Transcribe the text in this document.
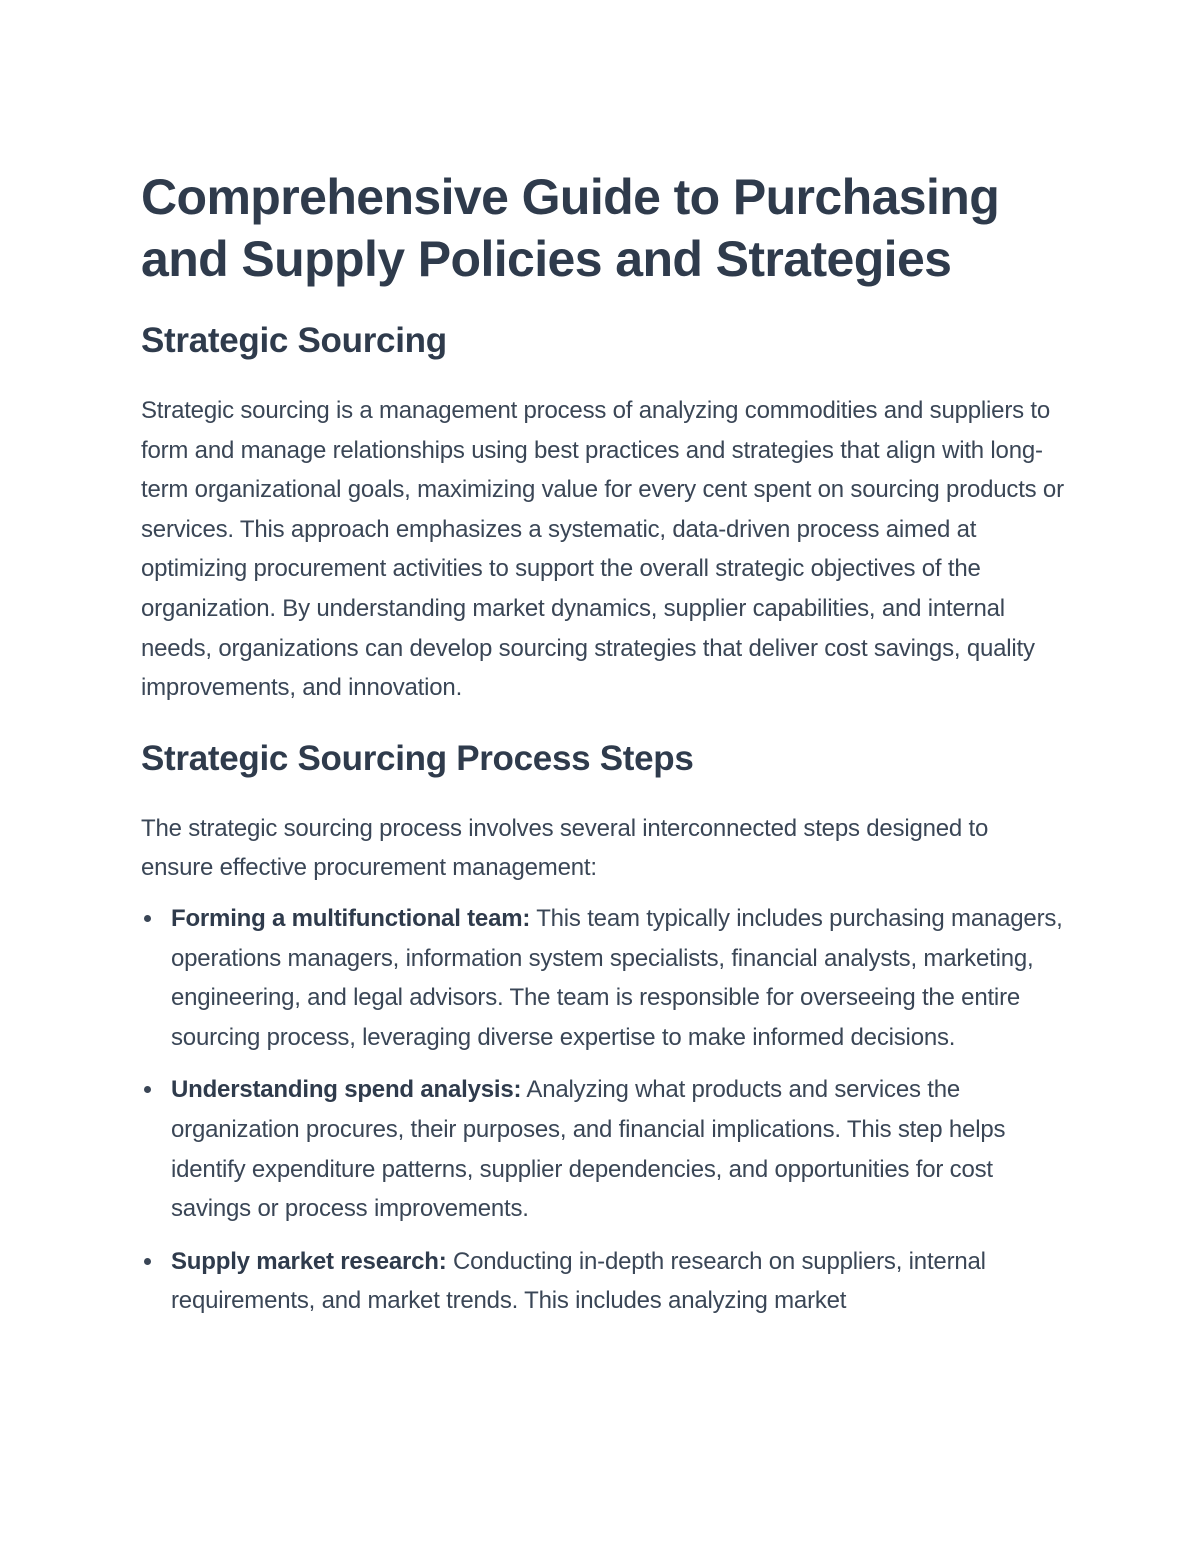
Comprehensive Guide to Purchasing and Supply Policies and Strategies
Strategic Sourcing

Strategic sourcing is a management process of analyzing commodities and suppliers to form and manage relationships using best practices and strategies that align with long-term organizational goals, maximizing value for every cent spent on sourcing products or services. This approach emphasizes a systematic, data-driven process aimed at optimizing procurement activities to support the overall strategic objectives of the organization. By understanding market dynamics, supplier capabilities, and internal needs, organizations can develop sourcing strategies that deliver cost savings, quality improvements, and innovation.

Strategic Sourcing Process Steps

The strategic sourcing process involves several interconnected steps designed to ensure effective procurement management:

Forming a multifunctional team: This team typically includes purchasing managers, operations managers, information system specialists, financial analysts, marketing, engineering, and legal advisors. The team is responsible for overseeing the entire sourcing process, leveraging diverse expertise to make informed decisions.
Understanding spend analysis: Analyzing what products and services the organization procures, their purposes, and financial implications. This step helps identify expenditure patterns, supplier dependencies, and opportunities for cost savings or process improvements.
Supply market research: Conducting in-depth research on suppliers, internal requirements, and market trends. This includes analyzing market
